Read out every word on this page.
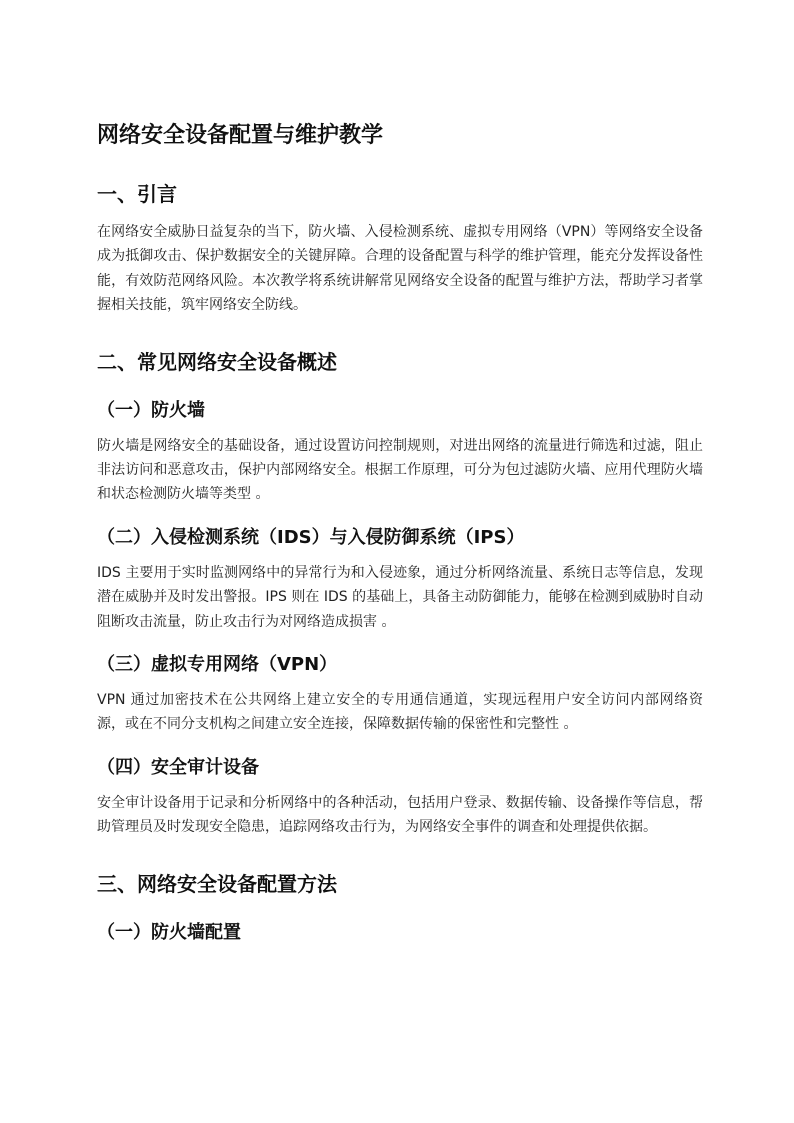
网络安全设备配置与维护教学
一、引言

在网络安全威胁日益复杂的当下，防火墙、入侵检测系统、虚拟专用网络（VPN）等网络安全设备成为抵御攻击、保护数据安全的关键屏障。合理的设备配置与科学的维护管理，能充分发挥设备性能，有效防范网络风险。本次教学将系统讲解常见网络安全设备的配置与维护方法，帮助学习者掌握相关技能，筑牢网络安全防线。

二、常见网络安全设备概述
（一）防火墙

防火墙是网络安全的基础设备，通过设置访问控制规则，对进出网络的流量进行筛选和过滤，阻止非法访问和恶意攻击，保护内部网络安全。根据工作原理，可分为包过滤防火墙、应用代理防火墙和状态检测防火墙等类型 。

（二）入侵检测系统（IDS）与入侵防御系统（IPS）

IDS 主要用于实时监测网络中的异常行为和入侵迹象，通过分析网络流量、系统日志等信息，发现潜在威胁并及时发出警报。IPS 则在 IDS 的基础上，具备主动防御能力，能够在检测到威胁时自动阻断攻击流量，防止攻击行为对网络造成损害 。

（三）虚拟专用网络（VPN）

VPN 通过加密技术在公共网络上建立安全的专用通信通道，实现远程用户安全访问内部网络资源，或在不同分支机构之间建立安全连接，保障数据传输的保密性和完整性 。

（四）安全审计设备

安全审计设备用于记录和分析网络中的各种活动，包括用户登录、数据传输、设备操作等信息，帮助管理员及时发现安全隐患，追踪网络攻击行为，为网络安全事件的调查和处理提供依据。

三、网络安全设备配置方法
（一）防火墙配置
